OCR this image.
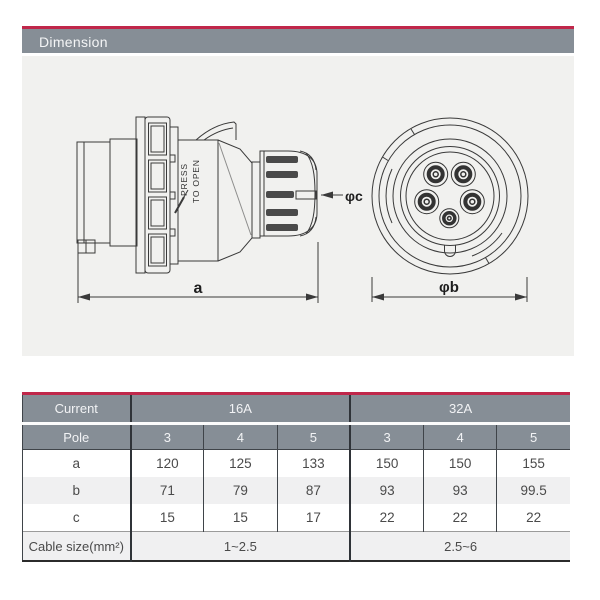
Dimension
PRESS TO OPEN
a
φc
φb
Current	16A			32A		
Pole	3	4	5	3	4	5
a	120	125	133	150	150	155
b	71	79	87	93	93	99.5
c	15	15	17	22	22	22
Cable size(mm²)	1~2.5			2.5~6		
